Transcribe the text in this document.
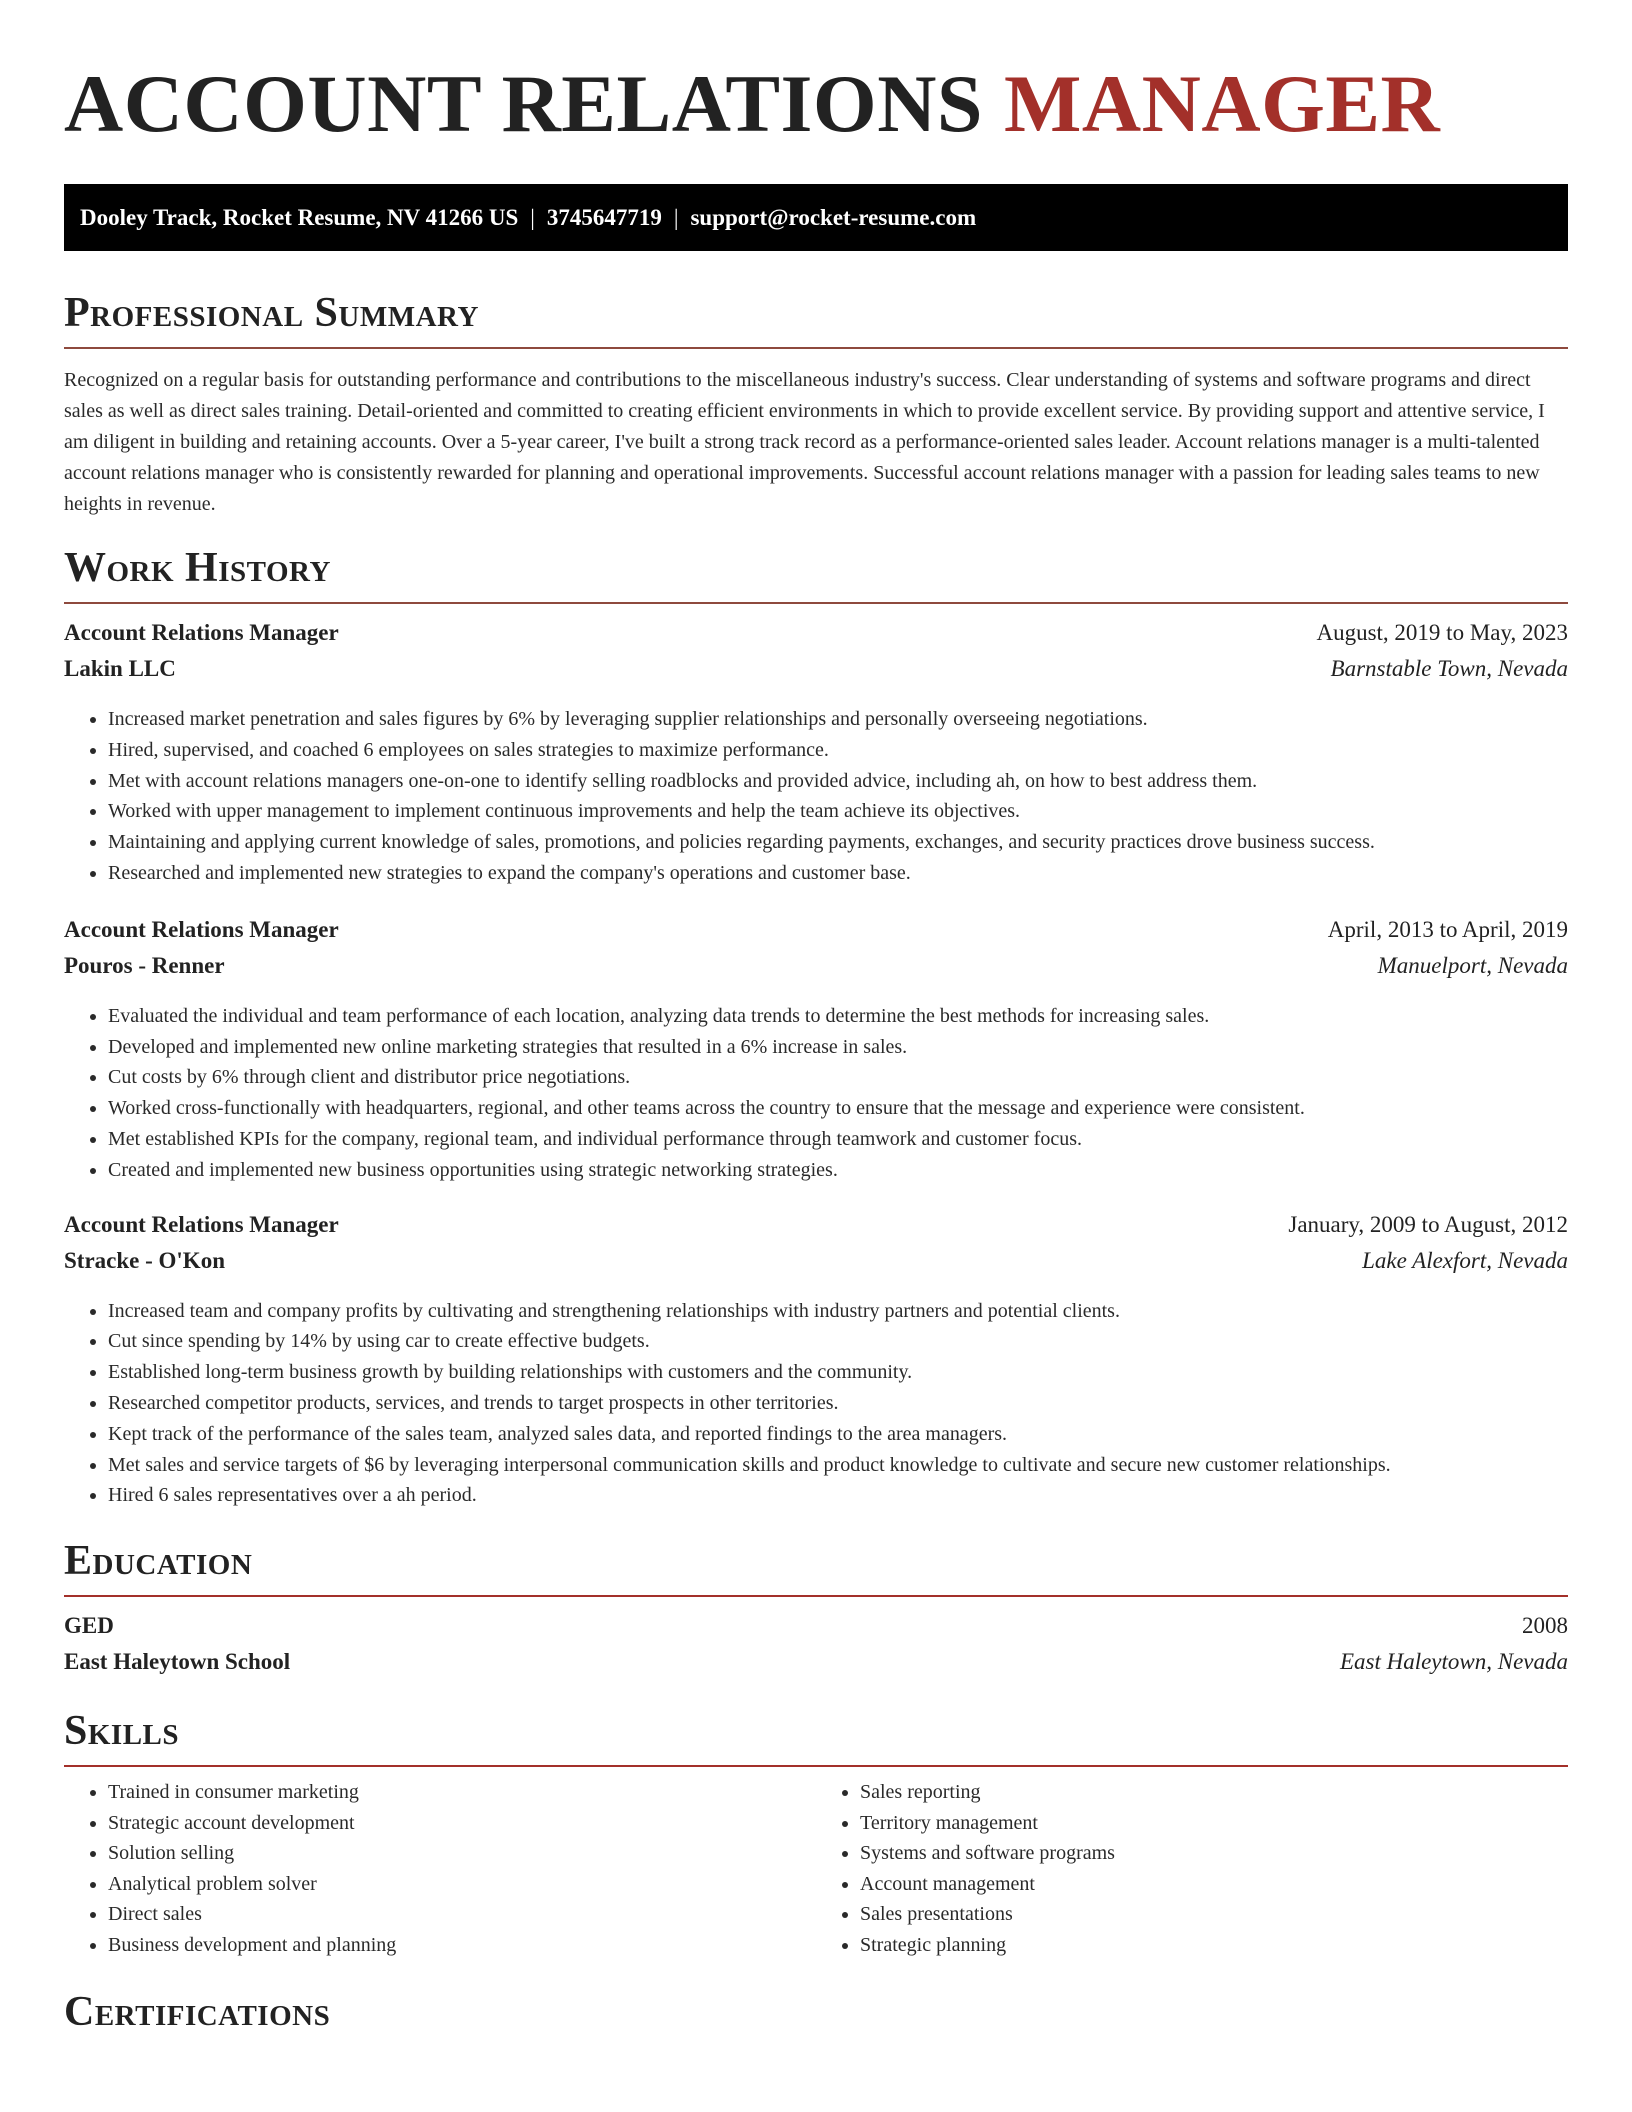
ACCOUNT RELATIONS MANAGER
Dooley Track, Rocket Resume, NV 41266 US | 3745647719 | support@rocket-resume.com
Professional Summary
Recognized on a regular basis for outstanding performance and contributions to the miscellaneous industry's success. Clear understanding of systems and software programs and direct sales as well as direct sales training. Detail-oriented and committed to creating efficient environments in which to provide excellent service. By providing support and attentive service, I am diligent in building and retaining accounts. Over a 5-year career, I've built a strong track record as a performance-oriented sales leader. Account relations manager is a multi-talented account relations manager who is consistently rewarded for planning and operational improvements. Successful account relations manager with a passion for leading sales teams to new heights in revenue.
Work History
Account Relations Manager	August, 2019 to May, 2023
Lakin LLC	Barnstable Town, Nevada
• Increased market penetration and sales figures by 6% by leveraging supplier relationships and personally overseeing negotiations.
• Hired, supervised, and coached 6 employees on sales strategies to maximize performance.
• Met with account relations managers one-on-one to identify selling roadblocks and provided advice, including ah, on how to best address them.
• Worked with upper management to implement continuous improvements and help the team achieve its objectives.
• Maintaining and applying current knowledge of sales, promotions, and policies regarding payments, exchanges, and security practices drove business success.
• Researched and implemented new strategies to expand the company's operations and customer base.
Account Relations Manager	April, 2013 to April, 2019
Pouros - Renner	Manuelport, Nevada
• Evaluated the individual and team performance of each location, analyzing data trends to determine the best methods for increasing sales.
• Developed and implemented new online marketing strategies that resulted in a 6% increase in sales.
• Cut costs by 6% through client and distributor price negotiations.
• Worked cross-functionally with headquarters, regional, and other teams across the country to ensure that the message and experience were consistent.
• Met established KPIs for the company, regional team, and individual performance through teamwork and customer focus.
• Created and implemented new business opportunities using strategic networking strategies.
Account Relations Manager	January, 2009 to August, 2012
Stracke - O'Kon	Lake Alexfort, Nevada
• Increased team and company profits by cultivating and strengthening relationships with industry partners and potential clients.
• Cut since spending by 14% by using car to create effective budgets.
• Established long-term business growth by building relationships with customers and the community.
• Researched competitor products, services, and trends to target prospects in other territories.
• Kept track of the performance of the sales team, analyzed sales data, and reported findings to the area managers.
• Met sales and service targets of $6 by leveraging interpersonal communication skills and product knowledge to cultivate and secure new customer relationships.
• Hired 6 sales representatives over a ah period.
Education
GED	2008
East Haleytown School	East Haleytown, Nevada
Skills
• Trained in consumer marketing
• Strategic account development
• Solution selling
• Analytical problem solver
• Direct sales
• Business development and planning
• Sales reporting
• Territory management
• Systems and software programs
• Account management
• Sales presentations
• Strategic planning
Certifications
